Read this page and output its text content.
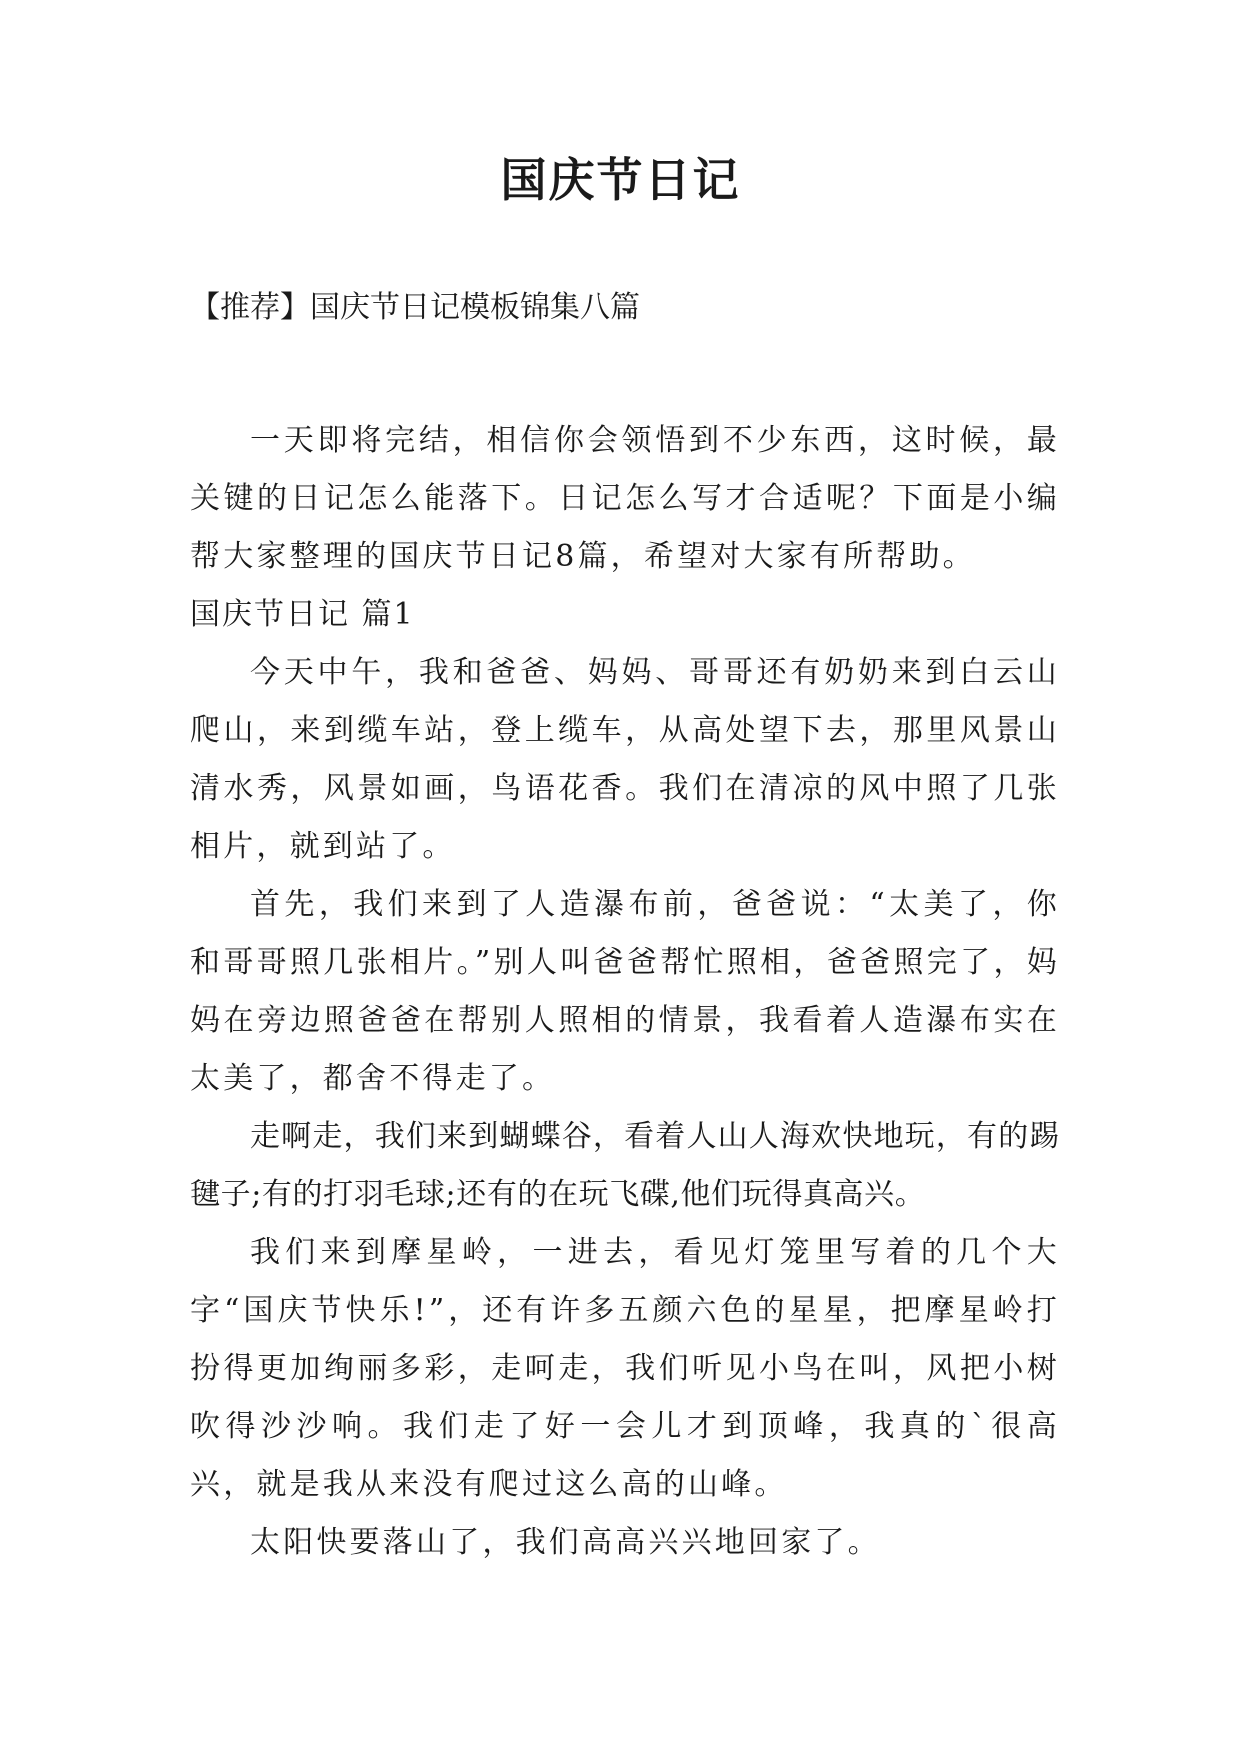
国庆节日记
【推荐】国庆节日记模板锦集八篇

一天即将完结，相信你会领悟到不少东西，这时候，最关键的日记怎么能落下。日记怎么写才合适呢？下面是小编帮大家整理的国庆节日记8篇，希望对大家有所帮助。

国庆节日记 篇1

今天中午，我和爸爸、妈妈、哥哥还有奶奶来到白云山爬山，来到缆车站，登上缆车，从高处望下去，那里风景山清水秀，风景如画，鸟语花香。我们在清凉的风中照了几张相片，就到站了。

首先，我们来到了人造瀑布前，爸爸说：“太美了，你和哥哥照几张相片。”别人叫爸爸帮忙照相，爸爸照完了，妈妈在旁边照爸爸在帮别人照相的情景，我看着人造瀑布实在太美了，都舍不得走了。

走啊走，我们来到蝴蝶谷，看着人山人海欢快地玩，有的踢毽子;有的打羽毛球;还有的在玩飞碟,他们玩得真高兴。

我们来到摩星岭，一进去，看见灯笼里写着的几个大字“国庆节快乐!”，还有许多五颜六色的星星，把摩星岭打扮得更加绚丽多彩，走呵走，我们听见小鸟在叫，风把小树吹得沙沙响。我们走了好一会儿才到顶峰，我真的`很高兴，就是我从来没有爬过这么高的山峰。

太阳快要落山了，我们高高兴兴地回家了。
